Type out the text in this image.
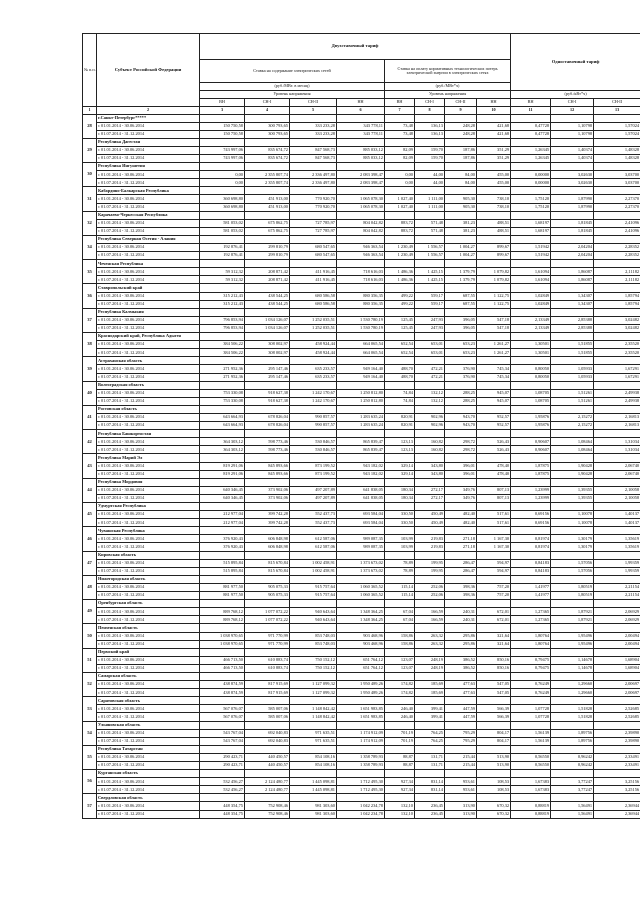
№ п.п.	Субъект Российской Федерации	Двухставочный тариф								Одноставочный тариф		
		Ставка на содержание электрических сетей				Ставка на оплату нормативных технологических потерь электрической энергии в электрических сетях						
		(руб./МВт. в месяц)				(руб./МВт*ч)						
		Уровень напряжения				Уровень напряжения				(руб./кВт*ч)		
		ВН	СН-I	СН-II	НН	ВН	СН-I	СН-II	НН	ВН	СН-I	СН-II
1	2	3	4	5	6	7	8	9	10	11	12	13
28	г.Санкт-Петербург*****											
	с 01.01.2014 - 30.06.2014	150 750,58	300 793,65	333 233,28	343 778,11	73,48	136,13	248,28	421,68	0,47728	1,10798	1,57024
	с 01.07.2014 - 31.12.2014	150 750,58	300 793,65	333 233,28	343 778,11	73,48	136,13	248,28	421,68	0,47728	1,10798	1,57024
29	Республика Дагестан											
	с 01.01.2014 - 30.06.2014	743 997,06	835 674,72	847 568,73	885 033,12	82,09	159,70	187,86	351,29	1,26345	1,40374	1,48328
	с 01.07.2014 - 31.12.2014	743 997,06	835 674,72	847 568,73	885 033,12	82,09	159,70	187,86	351,29	1,26345	1,40374	1,48328
30	Республика Ингушетия											
	с 01.01.2014 - 30.06.2014	0,00	2 355 807,74	2 336 497,80	2 083 398,47	0,00	44,00	84,00	455,00	0,00000	3,02630	3,03700
	с 01.07.2014 - 31.12.2014	0,00	2 355 807,74	2 336 497,80	2 083 398,47	0,00	44,00	84,00	455,00	0,00000	3,02630	3,03700
31	Кабардино-Балкарская Республика											
	с 01.01.2014 - 30.06.2014	360 698,80	451 913,00	770 920,70	1 065 078,30	1 027,40	1 111,00	905,30	738,10	1,75120	1,87990	2,27370
	с 01.07.2014 - 31.12.2014	360 698,80	451 913,00	770 920,70	1 065 078,30	1 027,40	1 111,00	905,30	738,10	1,75120	1,87990	2,27370
32	Карачаево-Черкесская Республика											
	с 01.01.2014 - 30.06.2014	581 053,02	675 862,75	727 785,97	804 042,82	883,72	571,48	381,23	488,51	1,68197	1,81845	2,41096
	с 01.07.2014 - 31.12.2014	581 053,02	675 862,75	727 785,97	804 042,82	883,72	571,48	381,23	488,51	1,68197	1,81845	2,41096
34	Республика Северная Осетия - Алания											
	с 01.01.2014 - 30.06.2014	192 876,41	299 810,79	680 547,65	946 363,54	1 230,49	1 556,57	1 004,27	899,67	1,51942	2,04204	2,28352
	с 01.07.2014 - 31.12.2014	192 876,41	299 810,79	680 547,65	946 363,54	1 230,49	1 556,57	1 004,27	899,67	1,51942	2,04204	2,28352
35	Чеченская Республика											
	с 01.01.2014 - 30.06.2014	59 312,32	208 871,42	411 916,45	718 616,03	1 486,36	1 425,15	1 379,79	1 079,82	1,61094	1,86087	2,11182
	с 01.07.2014 - 31.12.2014	59 312,32	208 871,42	411 916,45	718 616,03	1 486,36	1 425,15	1 379,79	1 079,82	1,61094	1,86087	2,11182
36	Ставропольский край											
	с 01.01.2014 - 30.06.2014	315 212,43	438 544,25	680 586,58	880 356,35	499,22	559,17	687,55	1 122,75	1,02849	1,34307	1,85794
	с 01.07.2014 - 31.12.2014	315 212,43	438 544,25	680 586,58	880 356,35	499,22	559,17	687,55	1 122,75	1,02849	1,34307	1,85794
37	Республика Калмыкия											
	с 01.01.2014 - 30.06.2014	796 853,94	1 034 126,07	1 252 035,51	1 530 780,19	125,45	247,93	396,05	547,18	2,13349	2,85388	3,02482
	с 01.07.2014 - 31.12.2014	796 853,94	1 034 126,07	1 252 035,51	1 530 780,19	125,45	247,93	396,05	547,18	2,13349	2,85388	3,02482
38	Краснодарский край, Республика Адыгея											
	с 01.01.2014 - 30.06.2014	384 506,22	308 002,97	458 924,44	664 065,54	652,54	653,01	653,23	1 261,27	1,30501	1,51855	2,35520
	с 01.07.2014 - 31.12.2014	384 506,22	308 002,97	458 924,44	664 065,54	652,54	653,01	653,23	1 261,27	1,30501	1,51855	2,35520
39	Астраханская область											
	с 01.01.2014 - 30.06.2014	271 952,36	295 147,46	635 233,57	949 164,40	488,70	472,21	376,90	745,34	0,80050	1,05933	1,67291
	с 01.07.2014 - 31.12.2014	271 952,36	295 147,46	635 233,57	949 164,40	488,70	472,21	376,90	745,34	0,80050	1,05933	1,67291
40	Волгоградская область											
	с 01.01.2014 - 30.06.2014	753 330,08	918 627,38	1 242 170,67	1 250 812,80	74,84	132,12	288,25	945,07	1,08705	1,51261	2,49938
	с 01.07.2014 - 31.12.2014	753 330,08	918 627,38	1 242 170,67	1 250 812,80	74,84	132,12	288,25	945,07	1,08705	1,51261	2,49938
41	Ростовская область											
	с 01.01.2014 - 30.06.2014	643 664,93	678 826,04	990 857,57	1 283 635,24	820,91	902,96	943,70	952,57	1,95876	2,15272	2,16813
	с 01.07.2014 - 31.12.2014	643 664,93	678 826,04	990 857,57	1 283 635,24	820,91	902,96	943,70	952,57	1,95876	2,15272	2,16813
42	Республика Башкортостан											
	с 01.01.2014 - 30.06.2014	364 303,12	598 773,46	530 846,57	865 839,47	123,13	160,82	298,72	526,43	0,90607	1,08464	1,31034
	с 01.07.2014 - 31.12.2014	364 303,12	598 773,46	530 846,57	865 839,47	123,13	160,82	298,72	526,43	0,90607	1,08464	1,31034
43	Республика Марий Эл											
	с 01.01.2014 - 30.06.2014	819 291,06	845 893,66	873 199,52	943 182,02	329,14	343,80	396,01	478,40	1,87875	1,90428	2,06740
	с 01.07.2014 - 31.12.2014	819 291,06	845 893,66	873 199,52	943 182,02	329,14	343,80	396,01	478,40	1,87875	1,90428	2,06740
44	Республика Мордовия											
	с 01.01.2014 - 30.06.2014	640 346,45	373 902,06	497 207,89	641 838,05	180,34	272,17	349,76	807,13	1,23999	1,39355	2,10058
	с 01.07.2014 - 31.12.2014	640 346,45	373 902,06	497 207,89	641 838,05	180,34	272,17	349,76	807,13	1,23999	1,39355	2,10058
45	Удмуртская Республика											
	с 01.01.2014 - 30.06.2014	212 977,04	399 742,28	552 437,73	693 584,04	330,50	450,49	482,40	517,61	0,69156	1,10078	1,40137
	с 01.07.2014 - 31.12.2014	212 977,04	399 742,28	552 437,73	693 584,04	330,50	450,49	482,40	517,61	0,69156	1,10078	1,40137
46	Чувашская Республика											
	с 01.01.2014 - 30.06.2014	376 920,43	606 848,98	612 587,06	989 087,35	103,99	219,83	271,18	1 167,30	0,81974	1,30179	1,35619
	с 01.07.2014 - 31.12.2014	376 920,43	606 848,98	612 587,06	989 087,35	103,99	219,83	271,18	1 167,30	0,81974	1,30179	1,35619
47	Кировская область											
	с 01.01.2014 - 30.06.2014	515 895,84	815 670,84	1 002 458,91	1 373 673,02	78,89	199,95	286,47	594,97	0,84183	1,57056	1,99359
	с 01.07.2014 - 31.12.2014	515 895,84	815 670,84	1 002 458,91	1 373 673,02	78,89	199,95	286,47	594,97	0,84183	1,57056	1,99359
48	Нижегородская область											
	с 01.01.2014 - 30.06.2014	881 977,50	905 075,33	915 757,64	1 060 365,52	115,14	252,06	398,36	757,20	1,41977	1,80519	2,21154
	с 01.07.2014 - 31.12.2014	881 977,50	905 075,33	915 757,64	1 060 365,52	115,14	252,06	398,36	757,20	1,41977	1,80519	2,21154
49	Оренбургская область											
	с 01.01.2014 - 30.06.2014	889 768,12	1 077 072,22	940 643,64	1 348 364,25	67,04	166,59	240,31	672,01	1,27365	1,87921	2,06929
	с 01.07.2014 - 31.12.2014	889 768,12	1 077 072,22	940 643,64	1 348 364,25	67,04	166,59	240,31	672,01	1,27365	1,87921	2,06929
50	Пензенская область											
	с 01.01.2014 - 30.06.2014	1 038 970,65	971 770,99	853 748,03	903 468,96	158,86	263,32	295,86	321,64	1,80764	1,95496	2,00494
	с 01.07.2014 - 31.12.2014	1 038 970,65	971 770,99	853 748,03	903 468,96	158,86	263,32	295,86	321,64	1,80764	1,95496	2,00494
51	Пермский край											
	с 01.01.2014 - 30.06.2014	466 713,50	610 883,74	750 152,12	651 764,12	123,07	248,19	386,52	850,16	0,79475	1,14678	1,68904
	с 01.07.2014 - 31.12.2014	466 713,50	610 883,74	750 152,12	651 764,12	123,07	248,19	386,52	850,16	0,79475	1,14678	1,68904
52	Самарская область											
	с 01.01.2014 - 30.06.2014	438 874,59	817 915,69	1 127 099,32	1 950 489,26	174,82	185,69	477,63	547,05	0,76249	1,29660	2,00697
	с 01.07.2014 - 31.12.2014	438 874,59	817 915,69	1 127 099,32	1 950 489,26	174,82	185,69	477,63	547,05	0,76249	1,29660	2,00697
53	Саратовская область											
	с 01.01.2014 - 30.06.2014	567 076,07	585 007,06	1 148 842,42	1 651 983,85	246,40	399,41	447,59	566,39	1,07728	1,51828	2,52685
	с 01.07.2014 - 31.12.2014	567 076,07	585 007,06	1 148 842,42	1 651 983,85	246,40	399,41	447,59	566,39	1,07728	1,51828	2,52685
54	Ульяновская область											
	с 01.01.2014 - 30.06.2014	543 767,04	692 040,83	971 635,51	1 174 912,09	701,19	764,25	795,29	804,17	1,56139	1,89756	2,39890
	с 01.07.2014 - 31.12.2014	543 767,04	692 040,83	971 635,51	1 174 912,09	701,19	764,25	795,29	804,17	1,56139	1,89756	2,39890
55	Республика Татарстан											
	с 01.01.2014 - 30.06.2014	290 423,71	440 450,57	854 108,16	1 358 789,93	88,87	131,71	215,44	513,90	0,56550	0,96242	2,33491
	с 01.07.2014 - 31.12.2014	290 423,71	440 450,57	854 108,16	1 358 789,93	88,87	131,71	215,44	513,90	0,56550	0,96242	2,33491
56	Курганская область											
	с 01.01.2014 - 30.06.2014	532 456,27	2 124 480,77	1 445 098,81	1 712 495,30	927,34	831,14	953,61	108,53	1,67383	3,77247	3,25156
	с 01.07.2014 - 31.12.2014	532 456,27	2 124 480,77	1 445 098,81	1 712 495,30	927,34	831,14	953,61	108,53	1,67383	3,77247	3,25156
57	Свердловская область											
	с 01.01.2014 - 30.06.2014	448 354,75	752 908,46	981 303,60	1 042 234,78	132,10	236,45	313,90	670,32	0,88819	1,56491	2,36944
	с 01.07.2014 - 31.12.2014	448 354,75	752 908,46	981 303,60	1 042 234,78	132,10	236,45	313,90	670,32	0,88819	1,56491	2,36944
